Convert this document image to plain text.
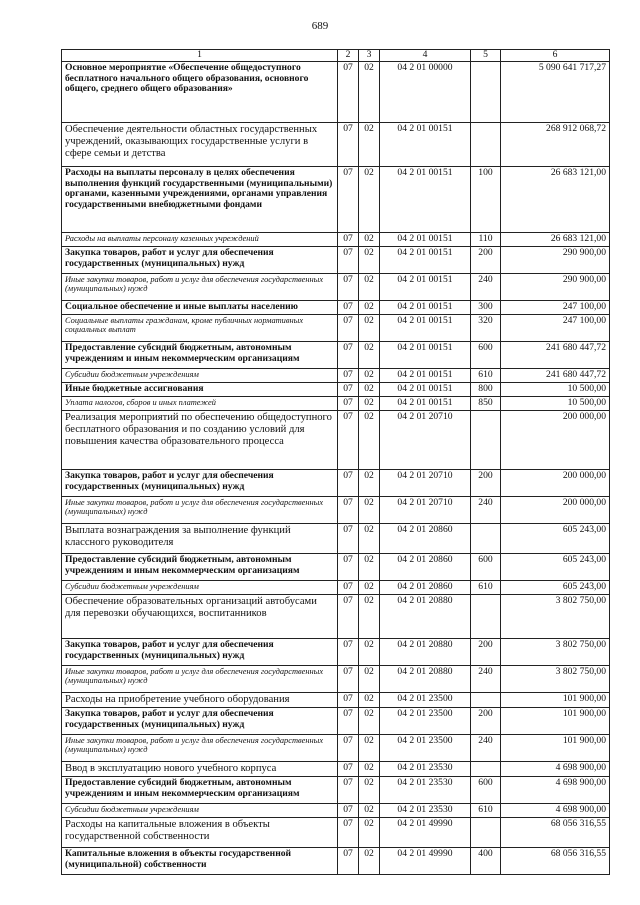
689
1	2	3	4	5	6
Основное мероприятие «Обеспечение общедоступного бесплатного начального общего образования, основного общего, среднего общего образования»	07	02	04 2 01 00000		5 090 641 717,27
Обеспечение деятельности областных государственных учреждений, оказывающих государственные услуги в сфере семьи и детства	07	02	04 2 01 00151		268 912 068,72
Расходы на выплаты персоналу в целях обеспечения выполнения функций государственными (муниципальными) органами, казенными учреждениями, органами управления государственными внебюджетными фондами	07	02	04 2 01 00151	100	26 683 121,00
Расходы на выплаты персоналу казенных учреждений	07	02	04 2 01 00151	110	26 683 121,00
Закупка товаров, работ и услуг для обеспечения государственных (муниципальных) нужд	07	02	04 2 01 00151	200	290 900,00
Иные закупки товаров, работ и услуг для обеспечения государственных (муниципальных) нужд	07	02	04 2 01 00151	240	290 900,00
Социальное обеспечение и иные выплаты населению	07	02	04 2 01 00151	300	247 100,00
Социальные выплаты гражданам, кроме публичных нормативных социальных выплат	07	02	04 2 01 00151	320	247 100,00
Предоставление субсидий бюджетным, автономным учреждениям и иным некоммерческим организациям	07	02	04 2 01 00151	600	241 680 447,72
Субсидии бюджетным учреждениям	07	02	04 2 01 00151	610	241 680 447,72
Иные бюджетные ассигнования	07	02	04 2 01 00151	800	10 500,00
Уплата налогов, сборов и иных платежей	07	02	04 2 01 00151	850	10 500,00
Реализация мероприятий по обеспечению общедоступного бесплатного образования и по созданию условий для повышения качества образовательного процесса	07	02	04 2 01 20710		200 000,00
Закупка товаров, работ и услуг для обеспечения государственных (муниципальных) нужд	07	02	04 2 01 20710	200	200 000,00
Иные закупки товаров, работ и услуг для обеспечения государственных (муниципальных) нужд	07	02	04 2 01 20710	240	200 000,00
Выплата вознаграждения за выполнение функций классного руководителя	07	02	04 2 01 20860		605 243,00
Предоставление субсидий бюджетным, автономным учреждениям и иным некоммерческим организациям	07	02	04 2 01 20860	600	605 243,00
Субсидии бюджетным учреждениям	07	02	04 2 01 20860	610	605 243,00
Обеспечение образовательных организаций автобусами для перевозки обучающихся, воспитанников	07	02	04 2 01 20880		3 802 750,00
Закупка товаров, работ и услуг для обеспечения государственных (муниципальных) нужд	07	02	04 2 01 20880	200	3 802 750,00
Иные закупки товаров, работ и услуг для обеспечения государственных (муниципальных) нужд	07	02	04 2 01 20880	240	3 802 750,00
Расходы на приобретение учебного оборудования	07	02	04 2 01 23500		101 900,00
Закупка товаров, работ и услуг для обеспечения государственных (муниципальных) нужд	07	02	04 2 01 23500	200	101 900,00
Иные закупки товаров, работ и услуг для обеспечения государственных (муниципальных) нужд	07	02	04 2 01 23500	240	101 900,00
Ввод в эксплуатацию нового учебного корпуса	07	02	04 2 01 23530		4 698 900,00
Предоставление субсидий бюджетным, автономным учреждениям и иным некоммерческим организациям	07	02	04 2 01 23530	600	4 698 900,00
Субсидии бюджетным учреждениям	07	02	04 2 01 23530	610	4 698 900,00
Расходы на капитальные вложения в объекты государственной собственности	07	02	04 2 01 49990		68 056 316,55
Капитальные вложения в объекты государственной (муниципальной) собственности	07	02	04 2 01 49990	400	68 056 316,55
